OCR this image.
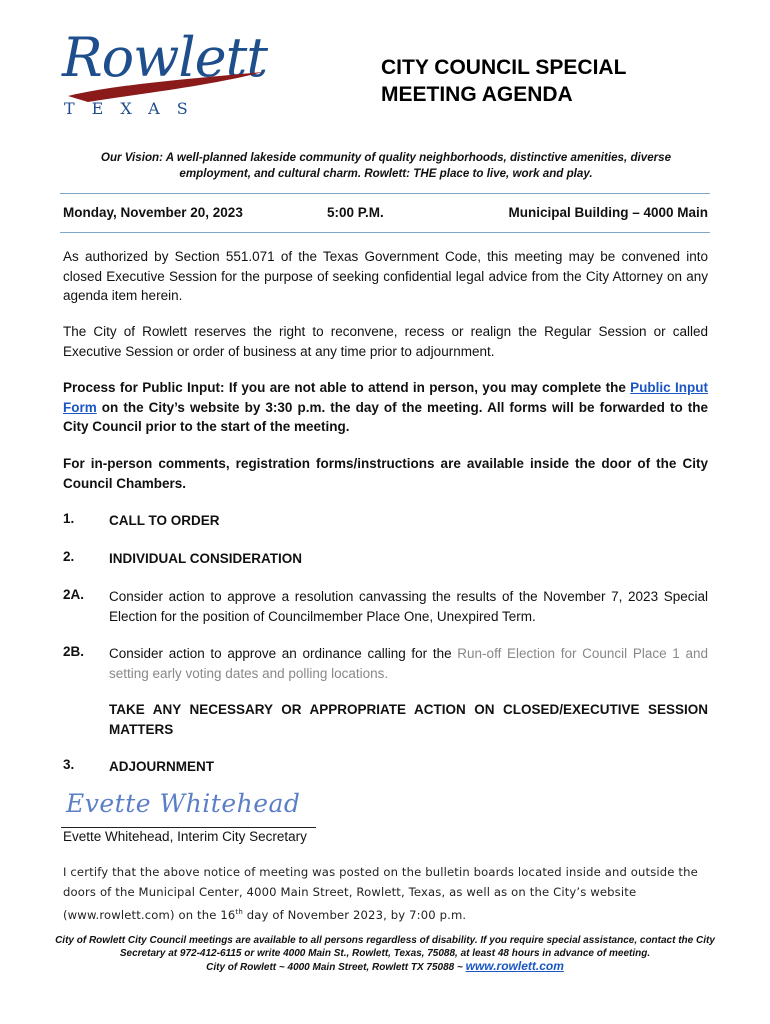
Rowlett
TEXAS
CITY COUNCIL SPECIAL
MEETING AGENDA
Our Vision: A well-planned lakeside community of quality neighborhoods, distinctive amenities, diverse
employment, and cultural charm. Rowlett: THE place to live, work and play.
Monday, November 20, 2023	5:00 P.M.	Municipal Building – 4000 Main

As authorized by Section 551.071 of the Texas Government Code, this meeting may be convened into closed Executive Session for the purpose of seeking confidential legal advice from the City Attorney on any agenda item herein.

The City of Rowlett reserves the right to reconvene, recess or realign the Regular Session or called Executive Session or order of business at any time prior to adjournment.

Process for Public Input: If you are not able to attend in person, you may complete the Public Input Form on the City’s website by 3:30 p.m. the day of the meeting. All forms will be forwarded to the City Council prior to the start of the meeting.

For in-person comments, registration forms/instructions are available inside the door of the City Council Chambers.

1.	CALL TO ORDER
2.	INDIVIDUAL CONSIDERATION
2A. Consider action to approve a resolution canvassing the results of the November 7, 2023 Special Election for the position of Councilmember Place One, Unexpired Term.
2B. Consider action to approve an ordinance calling for the Run-off Election for Council Place 1 and setting early voting dates and polling locations.
TAKE ANY NECESSARY OR APPROPRIATE ACTION ON CLOSED/EXECUTIVE SESSION MATTERS
3.	ADJOURNMENT
Evette Whitehead
Evette Whitehead, Interim City Secretary
I certify that the above notice of meeting was posted on the bulletin boards located inside and outside the doors of the Municipal Center, 4000 Main Street, Rowlett, Texas, as well as on the City’s website (www.rowlett.com) on the 16th day of November 2023, by 7:00 p.m.
City of Rowlett City Council meetings are available to all persons regardless of disability. If you require special assistance, contact the City
Secretary at 972-412-6115 or write 4000 Main St., Rowlett, Texas, 75088, at least 48 hours in advance of meeting.
City of Rowlett ~ 4000 Main Street, Rowlett TX 75088 ~ www.rowlett.com
